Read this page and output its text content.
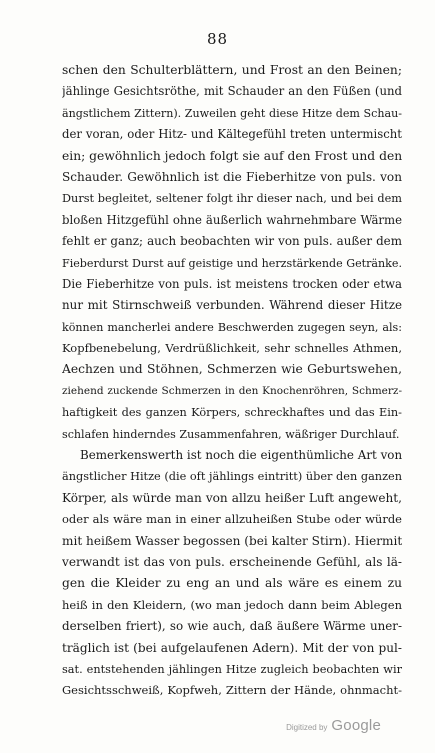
88
schen den Schulterblättern, und Frost an den Beinen;
jählinge Gesichtsröthe, mit Schauder an den Füßen (und
ängstlichem Zittern). Zuweilen geht diese Hitze dem Schau-
der voran, oder Hitz- und Kältegefühl treten untermischt
ein; gewöhnlich jedoch folgt sie auf den Frost und den
Schauder. Gewöhnlich ist die Fieberhitze von puls. von
Durst begleitet, seltener folgt ihr dieser nach, und bei dem
bloßen Hitzgefühl ohne äußerlich wahrnehmbare Wärme
fehlt er ganz; auch beobachten wir von puls. außer dem
Fieberdurst Durst auf geistige und herzstärkende Getränke.
Die Fieberhitze von puls. ist meistens trocken oder etwa
nur mit Stirnschweiß verbunden. Während dieser Hitze
können mancherlei andere Beschwerden zugegen seyn, als:
Kopfbenebelung, Verdrüßlichkeit, sehr schnelles Athmen,
Aechzen und Stöhnen, Schmerzen wie Geburtswehen,
ziehend zuckende Schmerzen in den Knochenröhren, Schmerz-
haftigkeit des ganzen Körpers, schreckhaftes und das Ein-
schlafen hinderndes Zusammenfahren, wäßriger Durchlauf.
Bemerkenswerth ist noch die eigenthümliche Art von
ängstlicher Hitze (die oft jählings eintritt) über den ganzen
Körper, als würde man von allzu heißer Luft angeweht,
oder als wäre man in einer allzuheißen Stube oder würde
mit heißem Wasser begossen (bei kalter Stirn). Hiermit
verwandt ist das von puls. erscheinende Gefühl, als lä-
gen die Kleider zu eng an und als wäre es einem zu
heiß in den Kleidern, (wo man jedoch dann beim Ablegen
derselben friert), so wie auch, daß äußere Wärme uner-
träglich ist (bei aufgelaufenen Adern). Mit der von pul-
sat. entstehenden jählingen Hitze zugleich beobachten wir
Gesichtsschweiß, Kopfweh, Zittern der Hände, ohnmacht-
Digitized by Google
